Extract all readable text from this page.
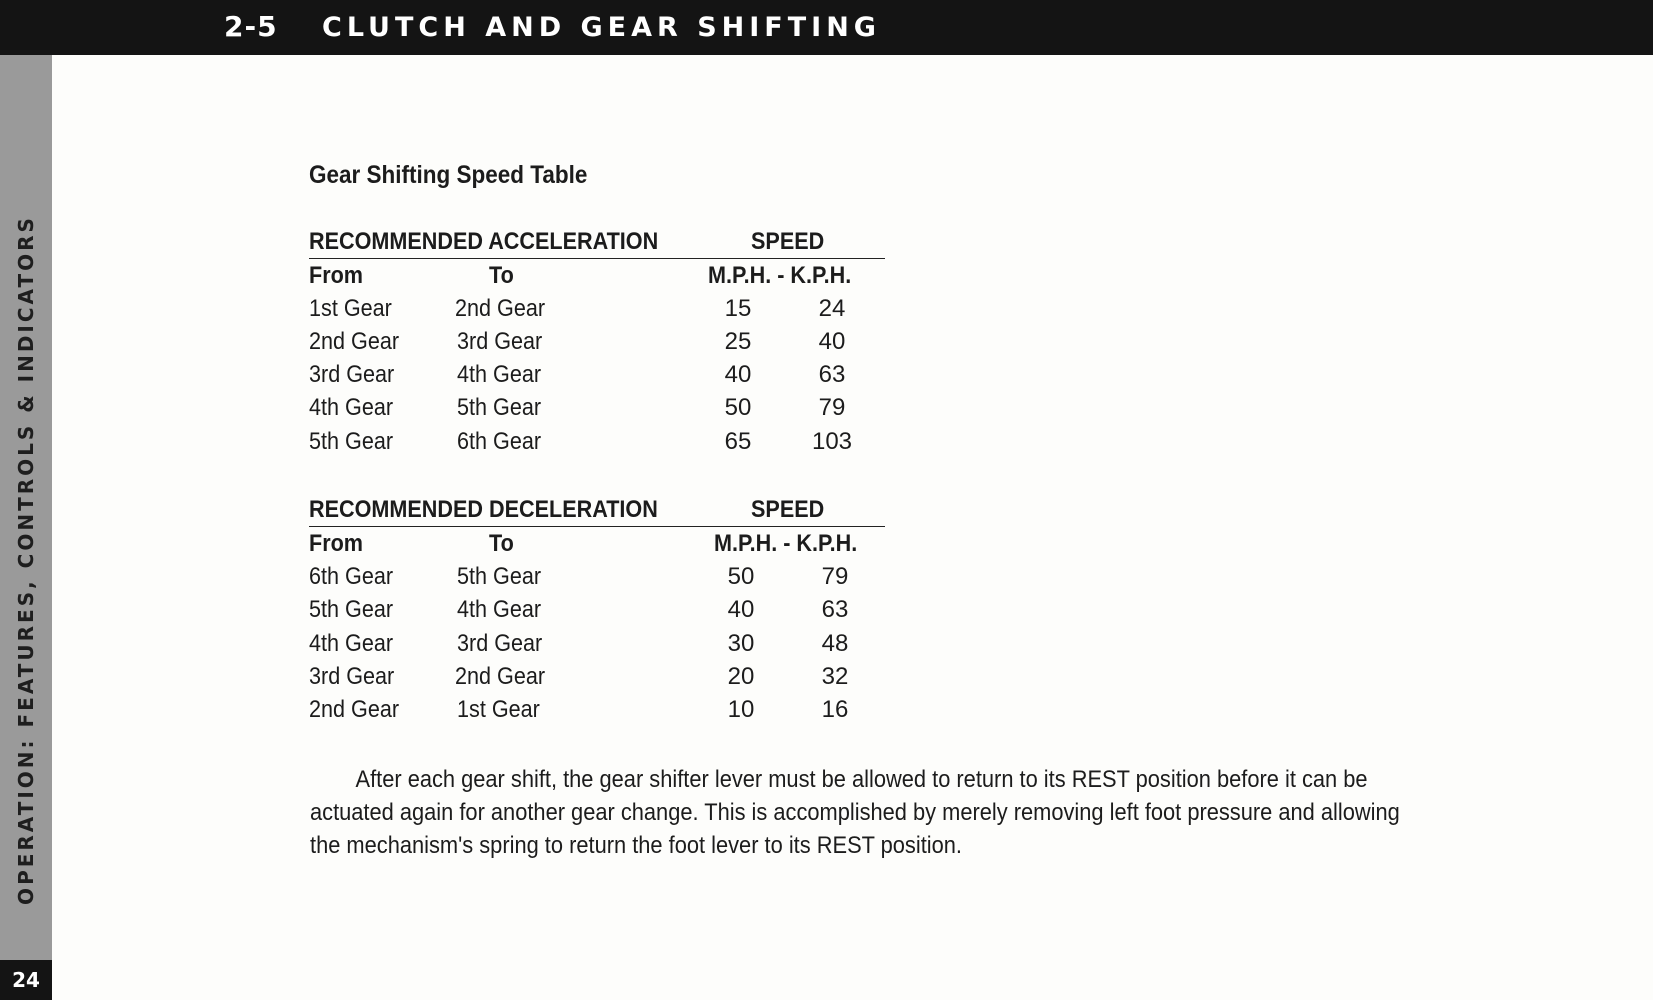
2-5 CLUTCH AND GEAR SHIFTING
OPERATION: FEATURES, CONTROLS & INDICATORS
24
Gear Shifting Speed Table
RECOMMENDED ACCELERATION	SPEED
From	To	M.P.H. - K.P.H.
1st Gear	2nd Gear	15	24
2nd Gear 3rd Gear	25	40
3rd Gear	4th Gear	40	63
4th Gear	5th Gear	50	79
5th Gear	6th Gear	65	103
RECOMMENDED DECELERATION	SPEED
From	To	M.P.H. - K.P.H.
6th Gear	5th Gear	50	79
5th Gear	4th Gear	40	63
4th Gear	3rd Gear	30	48
3rd Gear	2nd Gear	20	32
2nd Gear 1st Gear	10	16

After each gear shift, the gear shifter lever must be allowed to return to its REST position before it can be actuated again for another gear change. This is accomplished by merely removing left foot pressure and allowing the mechanism's spring to return the foot lever to its REST position.
